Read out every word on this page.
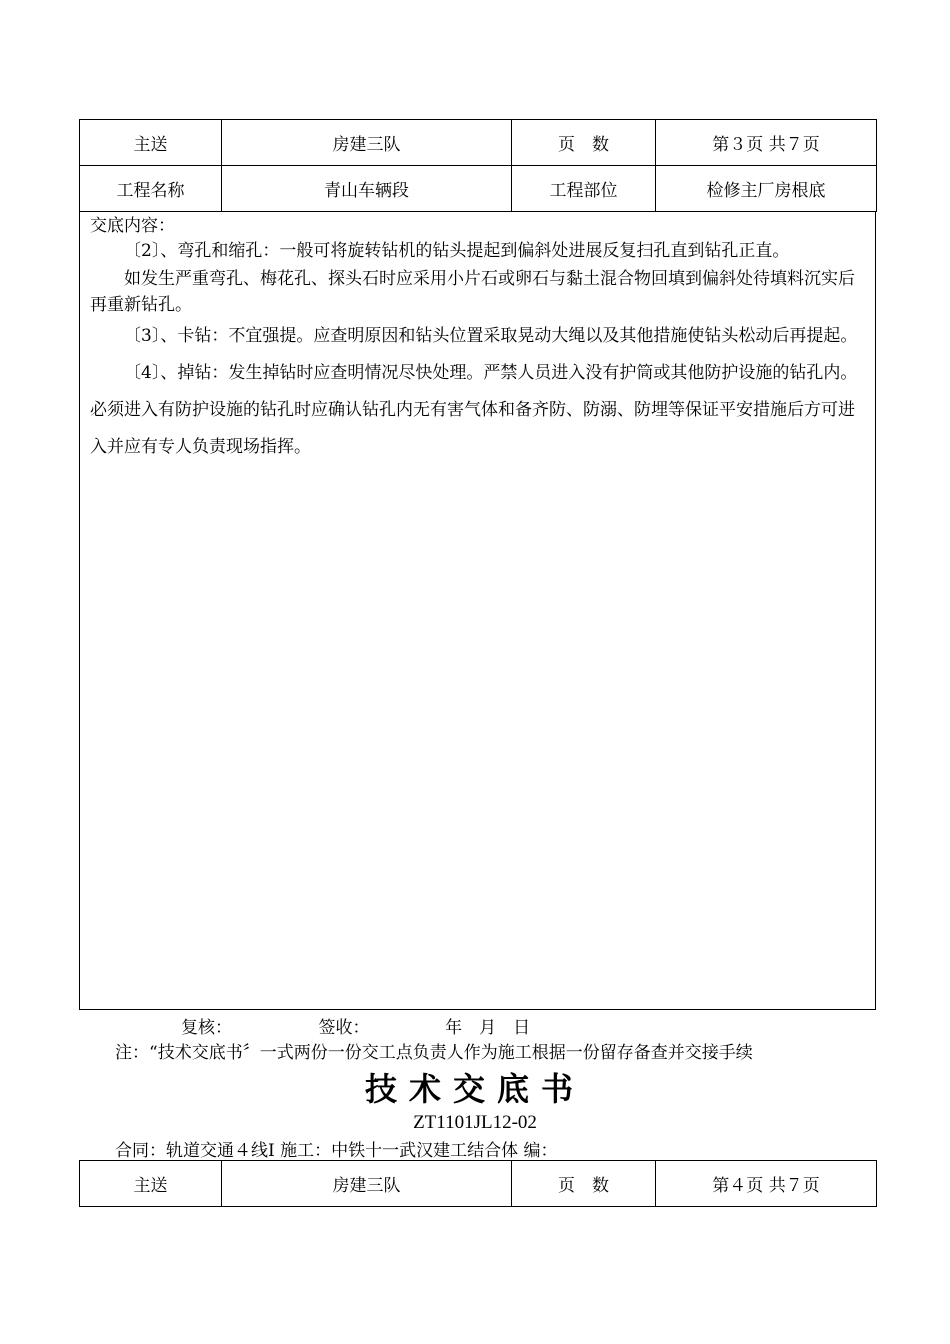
主送	房建三队	页　数	第３页 共７页
工程名称	青山车辆段	工程部位	检修主厂房根底

交底内容：

〔2〕、弯孔和缩孔：一般可将旋转钻机的钻头提起到偏斜处进展反复扫孔直到钻孔正直。

如发生严重弯孔、梅花孔、探头石时应采用小片石或卵石与黏土混合物回填到偏斜处待填料沉实后再重新钻孔。

〔3〕、卡钻：不宜强提。应查明原因和钻头位置采取晃动大绳以及其他措施使钻头松动后再提起。

〔4〕、掉钻：发生掉钻时应查明情况尽快处理。严禁人员进入没有护筒或其他防护设施的钻孔内。必须进入有防护设施的钻孔时应确认钻孔内无有害气体和备齐防、防溺、防埋等保证平安措施后方可进入并应有专人负责现场指挥。

复核：	签收：	年　月　日
注：“技术交底书〞一式两份一份交工点负责人作为施工根据一份留存备查并交接手续
技术交底书
ZT1101JL12-02
合同：轨道交通４线Ⅰ 施工：中铁十一武汉建工结合体 编：
主送	房建三队	页　数	第４页 共７页
